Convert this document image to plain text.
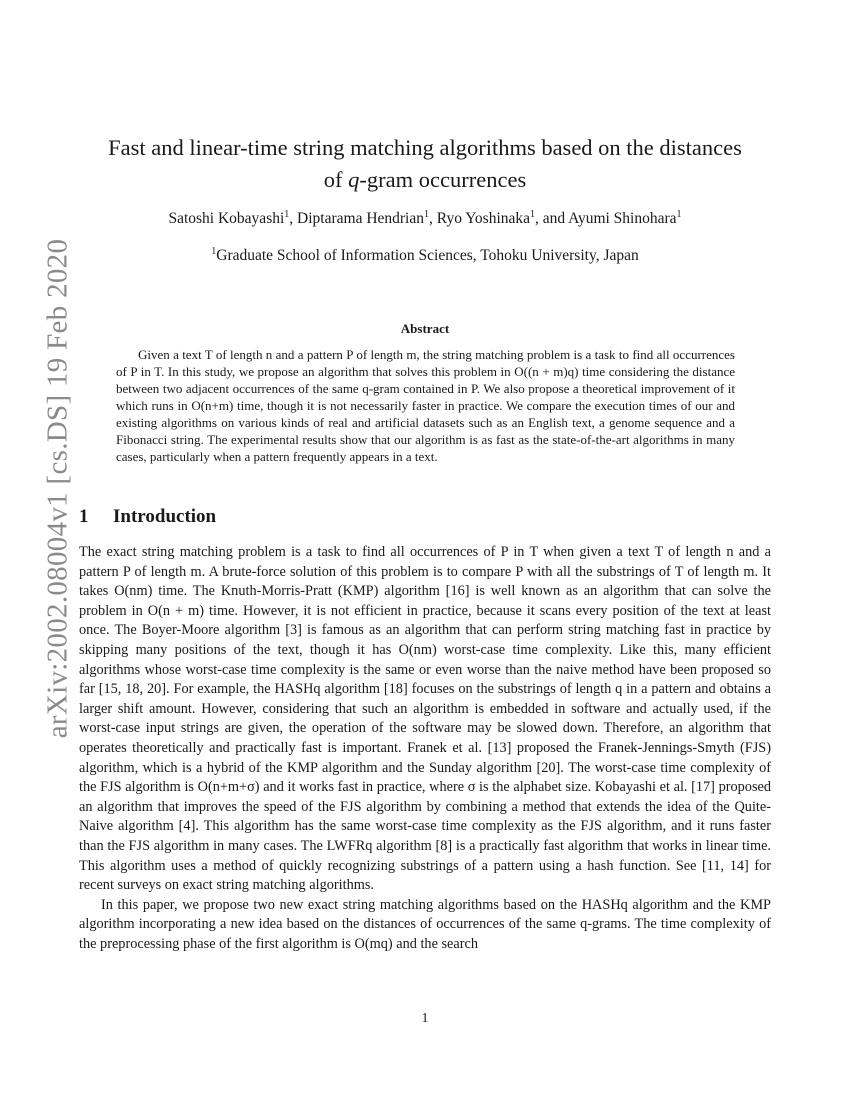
arXiv:2002.08004v1 [cs.DS] 19 Feb 2020
Fast and linear-time string matching algorithms based on the distances
of q-gram occurrences
Satoshi Kobayashi$^1$, Diptarama Hendrian$^1$, Ryo Yoshinaka$^1$, and Ayumi Shinohara$^1$
$^1$Graduate School of Information Sciences, Tohoku University, Japan
Abstract
Given a text T of length n and a pattern P of length m, the string matching problem is a task to find all occurrences of P in T. In this study, we propose an algorithm that solves this problem in O((n + m)q) time considering the distance between two adjacent occurrences of the same q-gram contained in P. We also propose a theoretical improvement of it which runs in O(n+m) time, though it is not necessarily faster in practice. We compare the execution times of our and existing algorithms on various kinds of real and artificial datasets such as an English text, a genome sequence and a Fibonacci string. The experimental results show that our algorithm is as fast as the state-of-the-art algorithms in many cases, particularly when a pattern frequently appears in a text.
1 Introduction

The exact string matching problem is a task to find all occurrences of P in T when given a text T of length n and a pattern P of length m. A brute-force solution of this problem is to compare P with all the substrings of T of length m. It takes O(nm) time. The Knuth-Morris-Pratt (KMP) algorithm [16] is well known as an algorithm that can solve the problem in O(n + m) time. However, it is not efficient in practice, because it scans every position of the text at least once. The Boyer-Moore algorithm [3] is famous as an algorithm that can perform string matching fast in practice by skipping many positions of the text, though it has O(nm) worst-case time complexity. Like this, many efficient algorithms whose worst-case time complexity is the same or even worse than the naive method have been proposed so far [15, 18, 20]. For example, the HASHq algorithm [18] focuses on the substrings of length q in a pattern and obtains a larger shift amount. However, considering that such an algorithm is embedded in software and actually used, if the worst-case input strings are given, the operation of the software may be slowed down. Therefore, an algorithm that operates theoretically and practically fast is important. Franek et al. [13] proposed the Franek-Jennings-Smyth (FJS) algorithm, which is a hybrid of the KMP algorithm and the Sunday algorithm [20]. The worst-case time complexity of the FJS algorithm is O(n+m+σ) and it works fast in practice, where σ is the alphabet size. Kobayashi et al. [17] proposed an algorithm that improves the speed of the FJS algorithm by combining a method that extends the idea of the Quite-Naive algorithm [4]. This algorithm has the same worst-case time complexity as the FJS algorithm, and it runs faster than the FJS algorithm in many cases. The LWFRq algorithm [8] is a practically fast algorithm that works in linear time. This algorithm uses a method of quickly recognizing substrings of a pattern using a hash function. See [11, 14] for recent surveys on exact string matching algorithms.

In this paper, we propose two new exact string matching algorithms based on the HASHq algorithm and the KMP algorithm incorporating a new idea based on the distances of occurrences of the same q-grams. The time complexity of the preprocessing phase of the first algorithm is O(mq) and the search

1
